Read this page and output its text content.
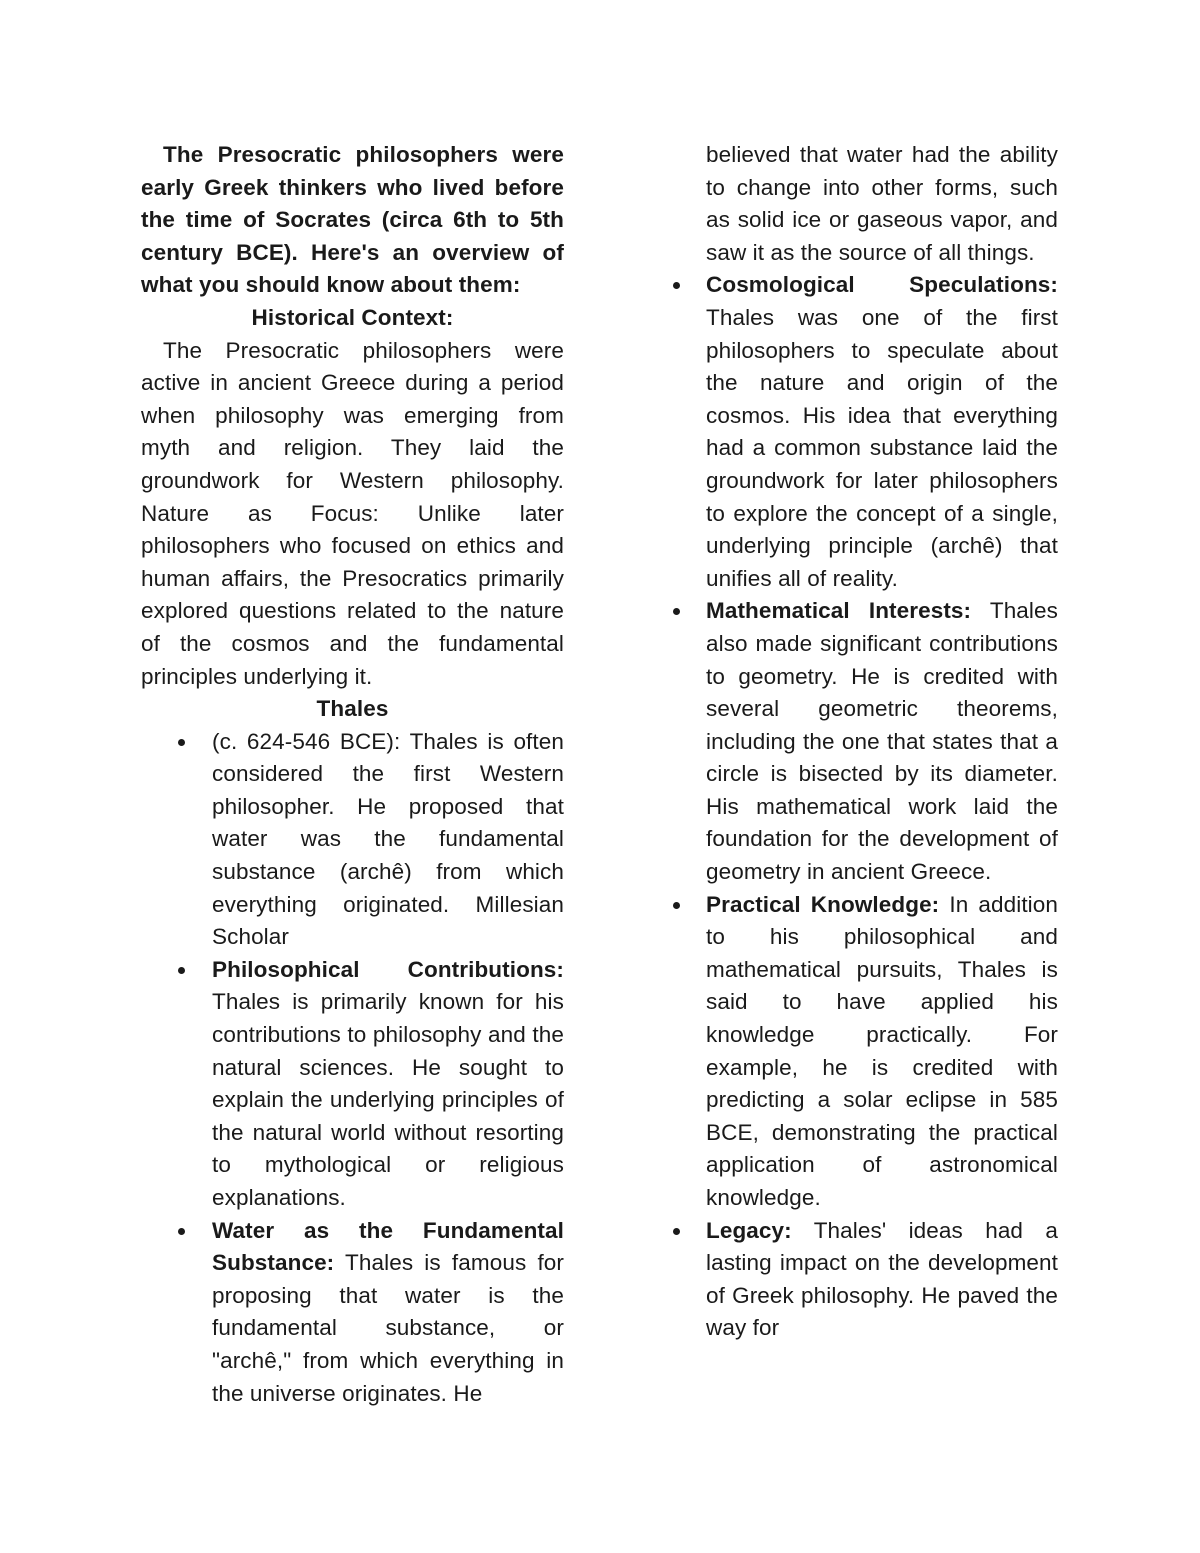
The Presocratic philosophers were early Greek thinkers who lived before the time of Socrates (circa 6th to 5th century BCE). Here's an overview of what you should know about them:

Historical Context:

The Presocratic philosophers were active in ancient Greece during a period when philosophy was emerging from myth and religion. They laid the groundwork for Western philosophy. Nature as Focus: Unlike later philosophers who focused on ethics and human affairs, the Presocratics primarily explored questions related to the nature of the cosmos and the fundamental principles underlying it.

Thales

(c. 624-546 BCE): Thales is often considered the first Western philosopher. He proposed that water was the fundamental substance (archê) from which everything originated. Millesian Scholar
Philosophical Contributions: Thales is primarily known for his contributions to philosophy and the natural sciences. He sought to explain the underlying principles of the natural world without resorting to mythological or religious explanations.
Water as the Fundamental Substance: Thales is famous for proposing that water is the fundamental substance, or "archê," from which everything in the universe originates. He

believed that water had the ability to change into other forms, such as solid ice or gaseous vapor, and saw it as the source of all things.

Cosmological Speculations: Thales was one of the first philosophers to speculate about the nature and origin of the cosmos. His idea that everything had a common substance laid the groundwork for later philosophers to explore the concept of a single, underlying principle (archê) that unifies all of reality.
Mathematical Interests: Thales also made significant contributions to geometry. He is credited with several geometric theorems, including the one that states that a circle is bisected by its diameter. His mathematical work laid the foundation for the development of geometry in ancient Greece.
Practical Knowledge: In addition to his philosophical and mathematical pursuits, Thales is said to have applied his knowledge practically. For example, he is credited with predicting a solar eclipse in 585 BCE, demonstrating the practical application of astronomical knowledge.
Legacy: Thales' ideas had a lasting impact on the development of Greek philosophy. He paved the way for
